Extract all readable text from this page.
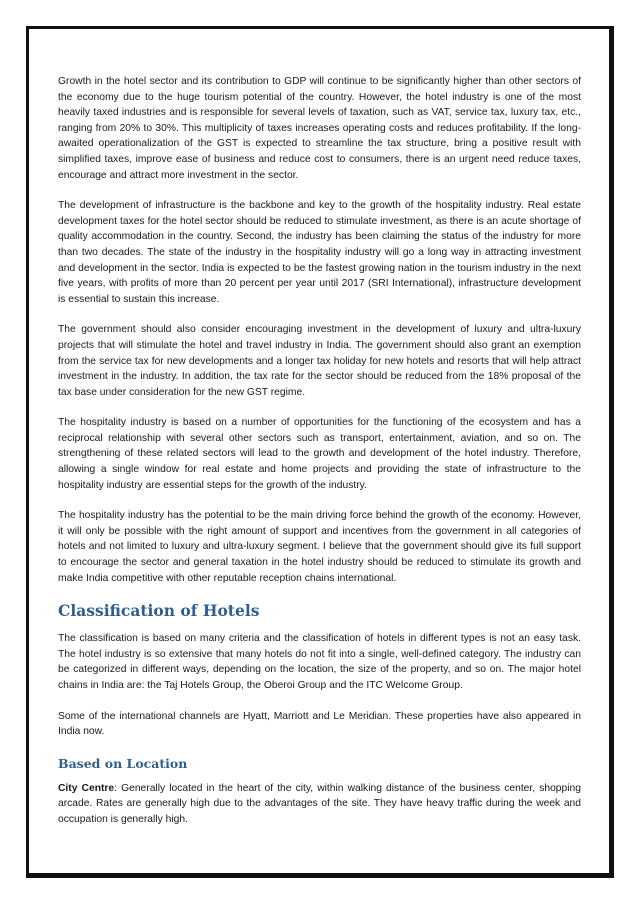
Growth in the hotel sector and its contribution to GDP will continue to be significantly higher than other sectors of the economy due to the huge tourism potential of the country. However, the hotel industry is one of the most heavily taxed industries and is responsible for several levels of taxation, such as VAT, service tax, luxury tax, etc., ranging from 20% to 30%. This multiplicity of taxes increases operating costs and reduces profitability. If the long-awaited operationalization of the GST is expected to streamline the tax structure, bring a positive result with simplified taxes, improve ease of business and reduce cost to consumers, there is an urgent need reduce taxes, encourage and attract more investment in the sector.

The development of infrastructure is the backbone and key to the growth of the hospitality industry. Real estate development taxes for the hotel sector should be reduced to stimulate investment, as there is an acute shortage of quality accommodation in the country. Second, the industry has been claiming the status of the industry for more than two decades. The state of the industry in the hospitality industry will go a long way in attracting investment and development in the sector. India is expected to be the fastest growing nation in the tourism industry in the next five years, with profits of more than 20 percent per year until 2017 (SRI International), infrastructure development is essential to sustain this increase.

The government should also consider encouraging investment in the development of luxury and ultra-luxury projects that will stimulate the hotel and travel industry in India. The government should also grant an exemption from the service tax for new developments and a longer tax holiday for new hotels and resorts that will help attract investment in the industry. In addition, the tax rate for the sector should be reduced from the 18% proposal of the tax base under consideration for the new GST regime.

The hospitality industry is based on a number of opportunities for the functioning of the ecosystem and has a reciprocal relationship with several other sectors such as transport, entertainment, aviation, and so on. The strengthening of these related sectors will lead to the growth and development of the hotel industry. Therefore, allowing a single window for real estate and home projects and providing the state of infrastructure to the hospitality industry are essential steps for the growth of the industry.

The hospitality industry has the potential to be the main driving force behind the growth of the economy. However, it will only be possible with the right amount of support and incentives from the government in all categories of hotels and not limited to luxury and ultra-luxury segment. I believe that the government should give its full support to encourage the sector and general taxation in the hotel industry should be reduced to stimulate its growth and make India competitive with other reputable reception chains international.

Classification of Hotels

The classification is based on many criteria and the classification of hotels in different types is not an easy task. The hotel industry is so extensive that many hotels do not fit into a single, well-defined category. The industry can be categorized in different ways, depending on the location, the size of the property, and so on. The major hotel chains in India are: the Taj Hotels Group, the Oberoi Group and the ITC Welcome Group.

Some of the international channels are Hyatt, Marriott and Le Meridian. These properties have also appeared in India now.

Based on Location

City Centre: Generally located in the heart of the city, within walking distance of the business center, shopping arcade. Rates are generally high due to the advantages of the site. They have heavy traffic during the week and occupation is generally high.
